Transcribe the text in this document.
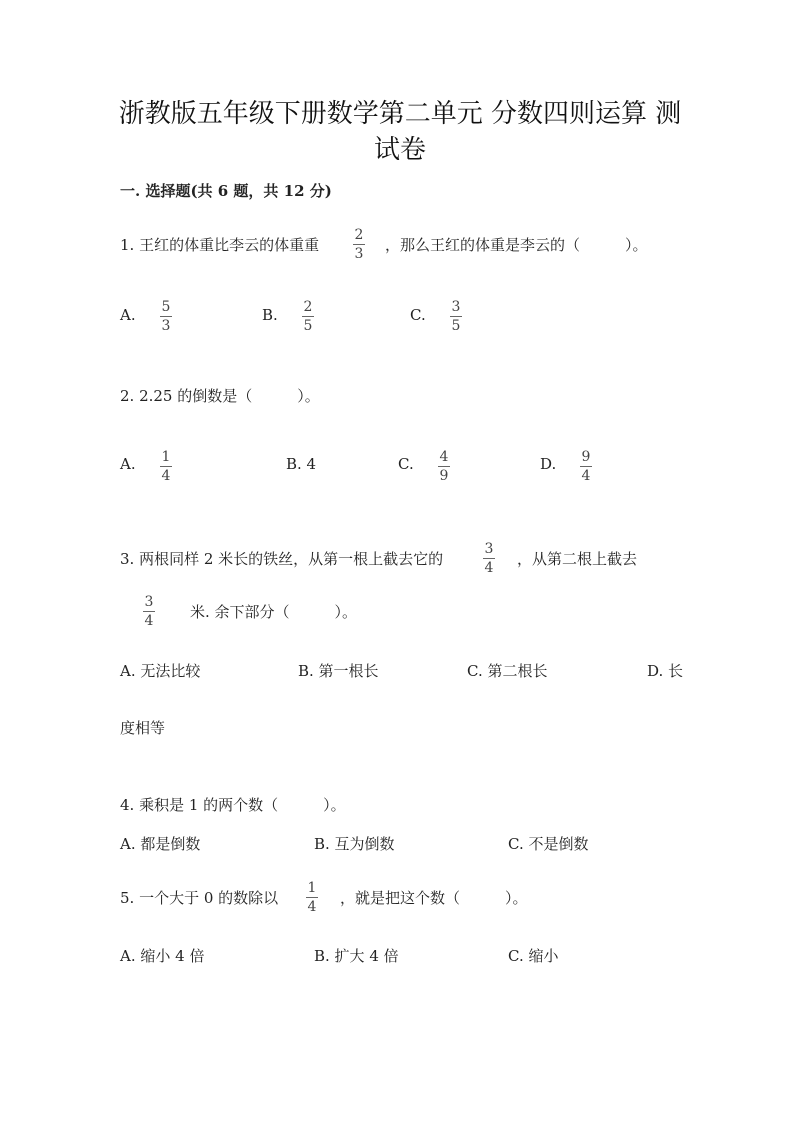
浙教版五年级下册数学第二单元 分数四则运算 测
试卷
一. 选择题(共 6 题，共 12 分)
1. 王红的体重比李云的体重重
2
3 ，那么王红的体重是李云的（　　　）。
A. 5
3
B. 2
5
C. 3
5
2. 2.25 的倒数是（　　　）。
A. 1
4
B. 4	C. 4
9
D. 9
4
3. 两根同样 2 米长的铁丝，从第一根上截去它的
3
4 ，从第二根上截去
3
4 米. 余下部分（　　　）。
A. 无法比较	B. 第一根长	C. 第二根长	D. 长
度相等
4. 乘积是 1 的两个数（　　　）。
A. 都是倒数	B. 互为倒数	C. 不是倒数
5. 一个大于 0 的数除以
1
4 ，就是把这个数（　　　）。
A. 缩小 4 倍	B. 扩大 4 倍	C. 缩小
